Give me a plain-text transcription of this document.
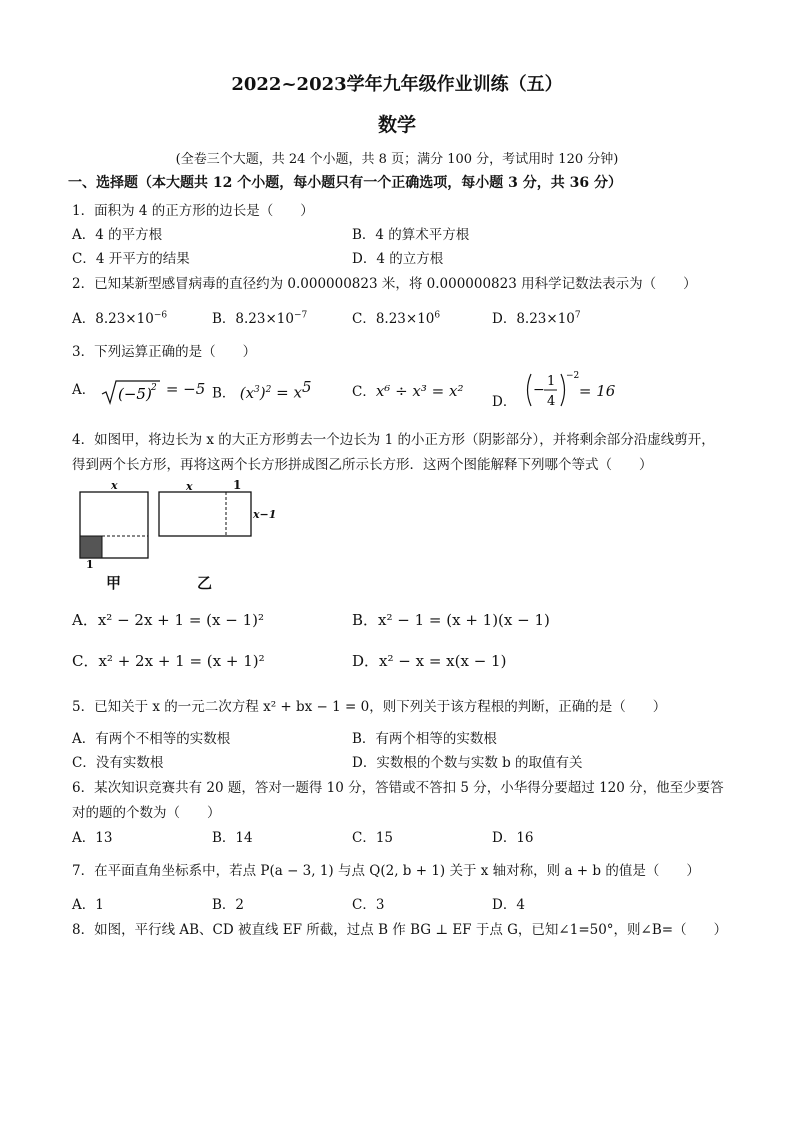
2022~2023学年九年级作业训练（五）
数学
(全卷三个大题，共 24 个小题，共 8 页；满分 100 分，考试用时 120 分钟)
一、选择题（本大题共 12 个小题，每小题只有一个正确选项，每小题 3 分，共 36 分）
1．面积为 4 的正方形的边长是（　　）
A．4 的平方根	B．4 的算术平方根
C．4 开平方的结果	D．4 的立方根
2．已知某新型感冒病毒的直径约为 0.000000823 米，将 0.000000823 用科学记数法表示为（　　）
A．$8.23\times 10^{-6}$	B．$8.23\times 10^{-7}$	C．$8.23\times 10^6$	D．$8.23\times 10^7$
3．下列运算正确的是（　　）
A． (−5) 2 = −5 B． $(x^3)^2 = x^5$	C．x⁶ ÷ x³ = x²
D．
−
1
4
−2
= 16
4．如图甲，将边长为 x 的大正方形剪去一个边长为 1 的小正方形（阴影部分），并将剩余部分沿虚线剪开，
得到两个长方形，再将这两个长方形拼成图乙所示长方形．这两个图能解释下列哪个等式（　　）
x
1
甲
x	1
x−1
乙
A．x² − 2x + 1 = (x − 1)²	B．x² − 1 = (x + 1)(x − 1)
C．x² + 2x + 1 = (x + 1)²	D．x² − x = x(x − 1)
5．已知关于 x 的一元二次方程 x² + bx − 1 = 0，则下列关于该方程根的判断，正确的是（　　）
A．有两个不相等的实数根	B．有两个相等的实数根
C．没有实数根	D．实数根的个数与实数 b 的取值有关
6．某次知识竞赛共有 20 题，答对一题得 10 分，答错或不答扣 5 分，小华得分要超过 120 分，他至少要答
对的题的个数为（　　）
A．13	B．14	C．15	D．16
7．在平面直角坐标系中，若点 P(a − 3, 1) 与点 Q(2, b + 1) 关于 x 轴对称，则 a + b 的值是（　　）
A．1	B．2	C．3	D．4
8．如图，平行线 AB、CD 被直线 EF 所截，过点 B 作 BG ⊥ EF 于点 G，已知∠1=50°，则∠B=（　　）
